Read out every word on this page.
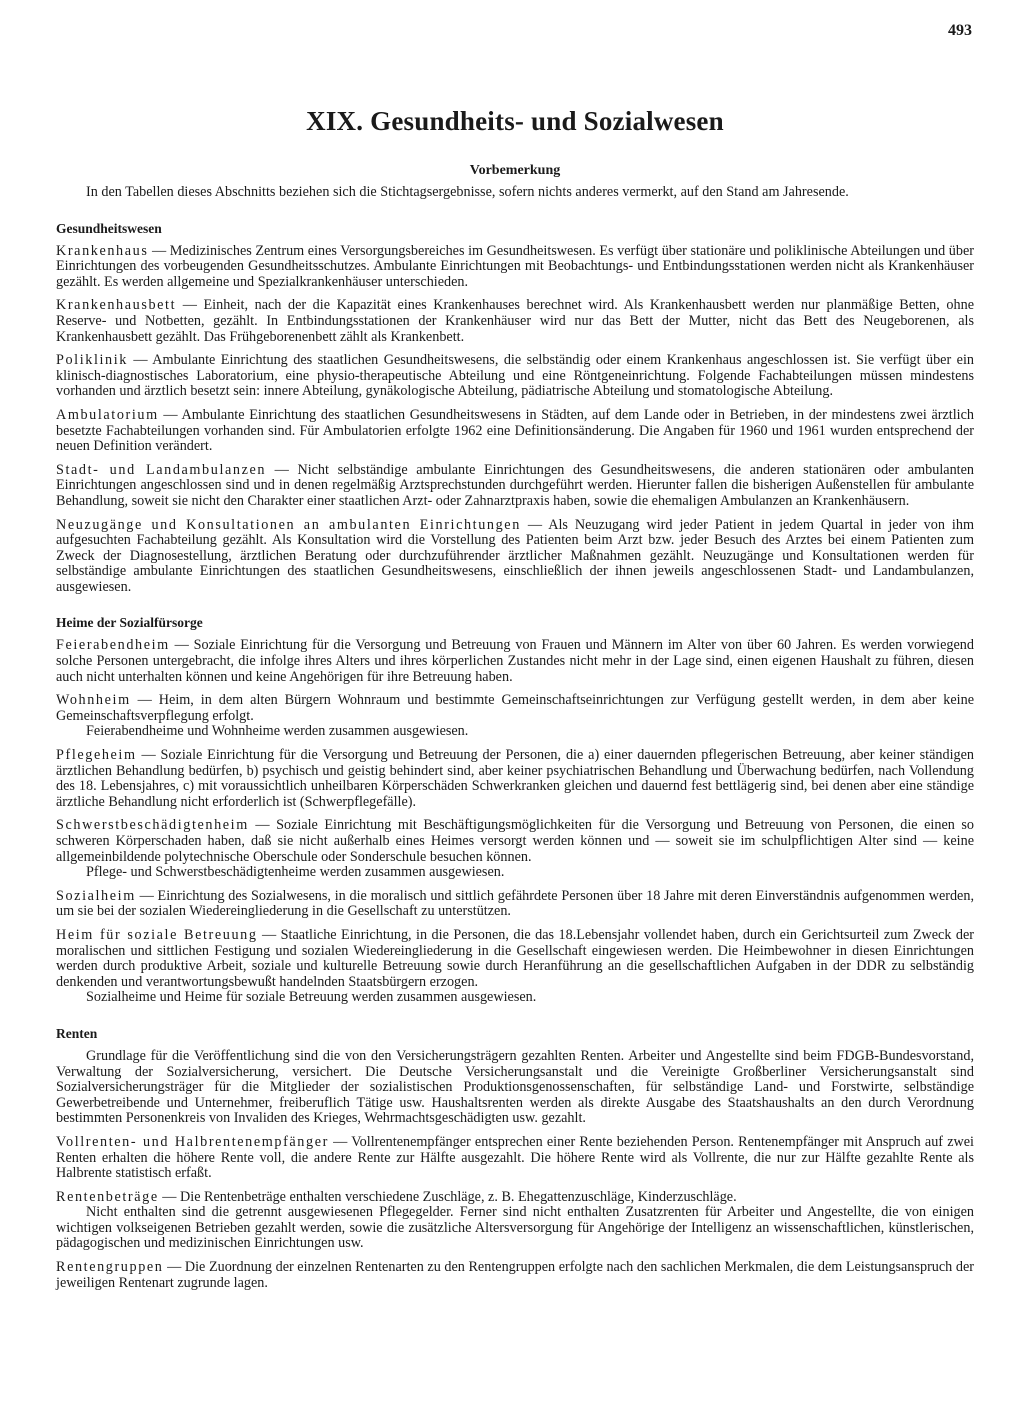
493
XIX. Gesundheits- und Sozialwesen
Vorbemerkung

In den Tabellen dieses Abschnitts beziehen sich die Stichtagsergebnisse, sofern nichts anderes vermerkt, auf den Stand am Jahresende.

Gesundheitswesen

Krankenhaus — Medizinisches Zentrum eines Versorgungsbereiches im Gesundheitswesen. Es verfügt über stationäre und poliklinische Abteilungen und über Einrichtungen des vorbeugenden Gesundheitsschutzes. Ambulante Einrichtungen mit Beobachtungs- und Entbindungsstationen werden nicht als Krankenhäuser gezählt. Es werden allgemeine und Spezialkrankenhäuser unterschieden.

Krankenhausbett — Einheit, nach der die Kapazität eines Krankenhauses berechnet wird. Als Krankenhausbett werden nur planmäßige Betten, ohne Reserve- und Notbetten, gezählt. In Entbindungsstationen der Krankenhäuser wird nur das Bett der Mutter, nicht das Bett des Neugeborenen, als Krankenhausbett gezählt. Das Frühgeborenenbett zählt als Krankenbett.

Poliklinik — Ambulante Einrichtung des staatlichen Gesundheitswesens, die selbständig oder einem Krankenhaus angeschlossen ist. Sie verfügt über ein klinisch-diagnostisches Laboratorium, eine physio-therapeutische Abteilung und eine Röntgeneinrichtung. Folgende Fachabteilungen müssen mindestens vorhanden und ärztlich besetzt sein: innere Abteilung, gynäkologische Abteilung, pädiatrische Abteilung und stomatologische Abteilung.

Ambulatorium — Ambulante Einrichtung des staatlichen Gesundheitswesens in Städten, auf dem Lande oder in Betrieben, in der mindestens zwei ärztlich besetzte Fachabteilungen vorhanden sind. Für Ambulatorien erfolgte 1962 eine Definitionsänderung. Die Angaben für 1960 und 1961 wurden entsprechend der neuen Definition verändert.

Stadt- und Landambulanzen — Nicht selbständige ambulante Einrichtungen des Gesundheitswesens, die anderen stationären oder ambulanten Einrichtungen angeschlossen sind und in denen regelmäßig Arztsprechstunden durchgeführt werden. Hierunter fallen die bisherigen Außenstellen für ambulante Behandlung, soweit sie nicht den Charakter einer staatlichen Arzt- oder Zahnarztpraxis haben, sowie die ehemaligen Ambulanzen an Krankenhäusern.

Neuzugänge und Konsultationen an ambulanten Einrichtungen — Als Neuzugang wird jeder Patient in jedem Quartal in jeder von ihm aufgesuchten Fachabteilung gezählt. Als Konsultation wird die Vorstellung des Patienten beim Arzt bzw. jeder Besuch des Arztes bei einem Patienten zum Zweck der Diagnosestellung, ärztlichen Beratung oder durchzuführender ärztlicher Maßnahmen gezählt. Neuzugänge und Konsultationen werden für selbständige ambulante Einrichtungen des staatlichen Gesundheitswesens, einschließlich der ihnen jeweils angeschlossenen Stadt- und Landambulanzen, ausgewiesen.

Heime der Sozialfürsorge

Feierabendheim — Soziale Einrichtung für die Versorgung und Betreuung von Frauen und Männern im Alter von über 60 Jahren. Es werden vorwiegend solche Personen untergebracht, die infolge ihres Alters und ihres körperlichen Zustandes nicht mehr in der Lage sind, einen eigenen Haushalt zu führen, diesen auch nicht unterhalten können und keine Angehörigen für ihre Betreuung haben.

Wohnheim — Heim, in dem alten Bürgern Wohnraum und bestimmte Gemeinschaftseinrichtungen zur Verfügung gestellt werden, in dem aber keine Gemeinschaftsverpflegung erfolgt.

Feierabendheime und Wohnheime werden zusammen ausgewiesen.

Pflegeheim — Soziale Einrichtung für die Versorgung und Betreuung der Personen, die a) einer dauernden pflegerischen Betreuung, aber keiner ständigen ärztlichen Behandlung bedürfen, b) psychisch und geistig behindert sind, aber keiner psychiatrischen Behandlung und Überwachung bedürfen, nach Vollendung des 18. Lebensjahres, c) mit voraussichtlich unheilbaren Körperschäden Schwerkranken gleichen und dauernd fest bettlägerig sind, bei denen aber eine ständige ärztliche Behandlung nicht erforderlich ist (Schwerpflegefälle).

Schwerstbeschädigtenheim — Soziale Einrichtung mit Beschäftigungsmöglichkeiten für die Versorgung und Betreuung von Personen, die einen so schweren Körperschaden haben, daß sie nicht außerhalb eines Heimes versorgt werden können und — soweit sie im schulpflichtigen Alter sind — keine allgemeinbildende polytechnische Oberschule oder Sonderschule besuchen können.

Pflege- und Schwerstbeschädigtenheime werden zusammen ausgewiesen.

Sozialheim — Einrichtung des Sozialwesens, in die moralisch und sittlich gefährdete Personen über 18 Jahre mit deren Einverständnis aufgenommen werden, um sie bei der sozialen Wiedereingliederung in die Gesellschaft zu unterstützen.

Heim für soziale Betreuung — Staatliche Einrichtung, in die Personen, die das 18.Lebensjahr vollendet haben, durch ein Gerichtsurteil zum Zweck der moralischen und sittlichen Festigung und sozialen Wiedereingliederung in die Gesellschaft eingewiesen werden. Die Heimbewohner in diesen Einrichtungen werden durch produktive Arbeit, soziale und kulturelle Betreuung sowie durch Heranführung an die gesellschaftlichen Aufgaben in der DDR zu selbständig denkenden und verantwortungsbewußt handelnden Staatsbürgern erzogen.

Sozialheime und Heime für soziale Betreuung werden zusammen ausgewiesen.

Renten

Grundlage für die Veröffentlichung sind die von den Versicherungsträgern gezahlten Renten. Arbeiter und Angestellte sind beim FDGB-Bundesvorstand, Verwaltung der Sozialversicherung, versichert. Die Deutsche Versicherungsanstalt und die Vereinigte Großberliner Versicherungsanstalt sind Sozialversicherungsträger für die Mitglieder der sozialistischen Produktionsgenossenschaften, für selbständige Land- und Forstwirte, selbständige Gewerbetreibende und Unternehmer, freiberuflich Tätige usw. Haushaltsrenten werden als direkte Ausgabe des Staatshaushalts an den durch Verordnung bestimmten Personenkreis von Invaliden des Krieges, Wehrmachtsgeschädigten usw. gezahlt.

Vollrenten- und Halbrentenempfänger — Vollrentenempfänger entsprechen einer Rente beziehenden Person. Rentenempfänger mit Anspruch auf zwei Renten erhalten die höhere Rente voll, die andere Rente zur Hälfte ausgezahlt. Die höhere Rente wird als Vollrente, die nur zur Hälfte gezahlte Rente als Halbrente statistisch erfaßt.

Rentenbeträge — Die Rentenbeträge enthalten verschiedene Zuschläge, z. B. Ehegattenzuschläge, Kinderzuschläge.

Nicht enthalten sind die getrennt ausgewiesenen Pflegegelder. Ferner sind nicht enthalten Zusatzrenten für Arbeiter und Angestellte, die von einigen wichtigen volkseigenen Betrieben gezahlt werden, sowie die zusätzliche Altersversorgung für Angehörige der Intelligenz an wissenschaftlichen, künstlerischen, pädagogischen und medizinischen Einrichtungen usw.

Rentengruppen — Die Zuordnung der einzelnen Rentenarten zu den Rentengruppen erfolgte nach den sachlichen Merkmalen, die dem Leistungsanspruch der jeweiligen Rentenart zugrunde lagen.
